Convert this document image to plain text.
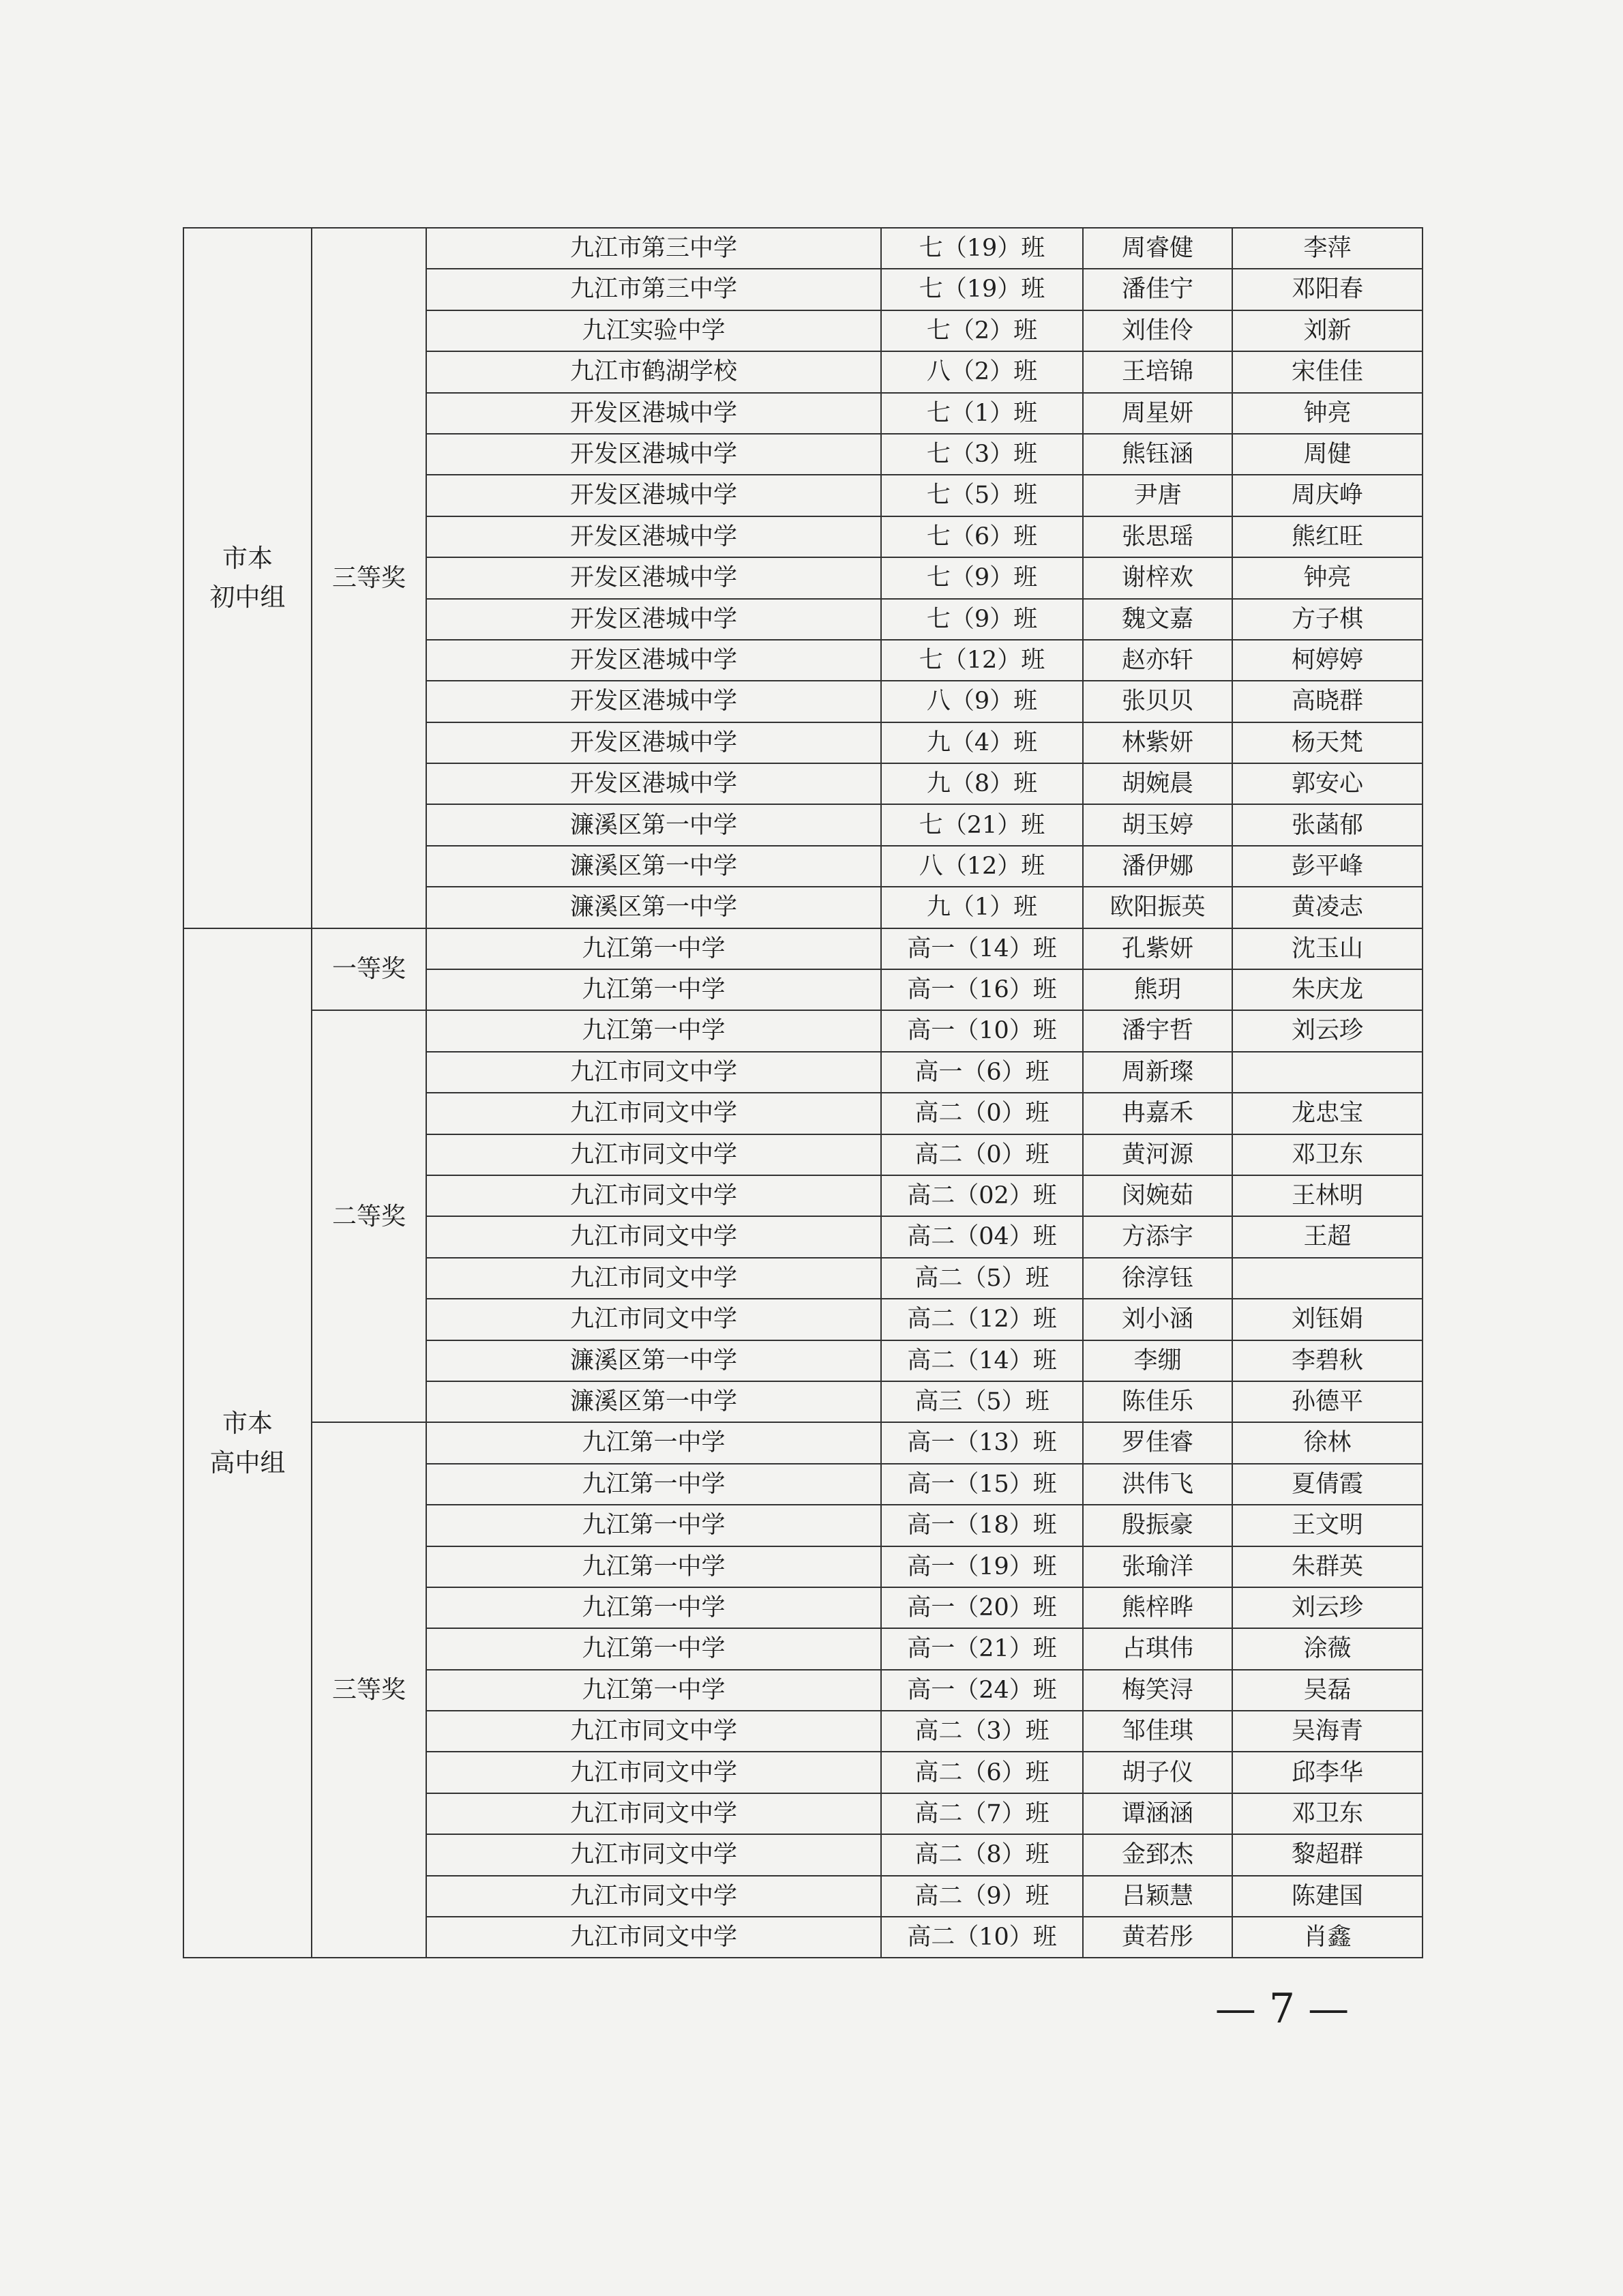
市本
初中组	三等奖	九江市第三中学	七（19）班	周睿健	李萍
		九江市第三中学	七（19）班	潘佳宁	邓阳春
		九江实验中学	七（2）班	刘佳伶	刘新
		九江市鹤湖学校	八（2）班	王培锦	宋佳佳
		开发区港城中学	七（1）班	周星妍	钟亮
		开发区港城中学	七（3）班	熊钰涵	周健
		开发区港城中学	七（5）班	尹唐	周庆峥
		开发区港城中学	七（6）班	张思瑶	熊红旺
		开发区港城中学	七（9）班	谢梓欢	钟亮
		开发区港城中学	七（9）班	魏文嘉	方子棋
		开发区港城中学	七（12）班	赵亦轩	柯婷婷
		开发区港城中学	八（9）班	张贝贝	高晓群
		开发区港城中学	九（4）班	林紫妍	杨天梵
		开发区港城中学	九（8）班	胡婉晨	郭安心
		濂溪区第一中学	七（21）班	胡玉婷	张菡郁
		濂溪区第一中学	八（12）班	潘伊娜	彭平峰
		濂溪区第一中学	九（1）班	欧阳振英	黄凌志

市本
高中组	一等奖	九江第一中学	高一（14）班	孔紫妍	沈玉山
		九江第一中学	高一（16）班	熊玥	朱庆龙
	二等奖	九江第一中学	高一（10）班	潘宇哲	刘云珍
		九江市同文中学	高一（6）班	周新璨	
		九江市同文中学	高二（0）班	冉嘉禾	龙忠宝
		九江市同文中学	高二（0）班	黄河源	邓卫东
		九江市同文中学	高二（02）班	闵婉茹	王林明
		九江市同文中学	高二（04）班	方添宇	王超
		九江市同文中学	高二（5）班	徐淳钰	
		九江市同文中学	高二（12）班	刘小涵	刘钰娟
		濂溪区第一中学	高二（14）班	李绷	李碧秋
		濂溪区第一中学	高三（5）班	陈佳乐	孙德平
	三等奖	九江第一中学	高一（13）班	罗佳睿	徐林
		九江第一中学	高一（15）班	洪伟飞	夏倩霞
		九江第一中学	高一（18）班	殷振豪	王文明
		九江第一中学	高一（19）班	张瑜洋	朱群英
		九江第一中学	高一（20）班	熊梓晔	刘云珍
		九江第一中学	高一（21）班	占琪伟	涂薇
		九江第一中学	高一（24）班	梅笑浔	吴磊
		九江市同文中学	高二（3）班	邹佳琪	吴海青
		九江市同文中学	高二（6）班	胡子仪	邱李华
		九江市同文中学	高二（7）班	谭涵涵	邓卫东
		九江市同文中学	高二（8）班	金郅杰	黎超群
		九江市同文中学	高二（9）班	吕颖慧	陈建国
		九江市同文中学	高二（10）班	黄若彤	肖鑫
— 7 —
